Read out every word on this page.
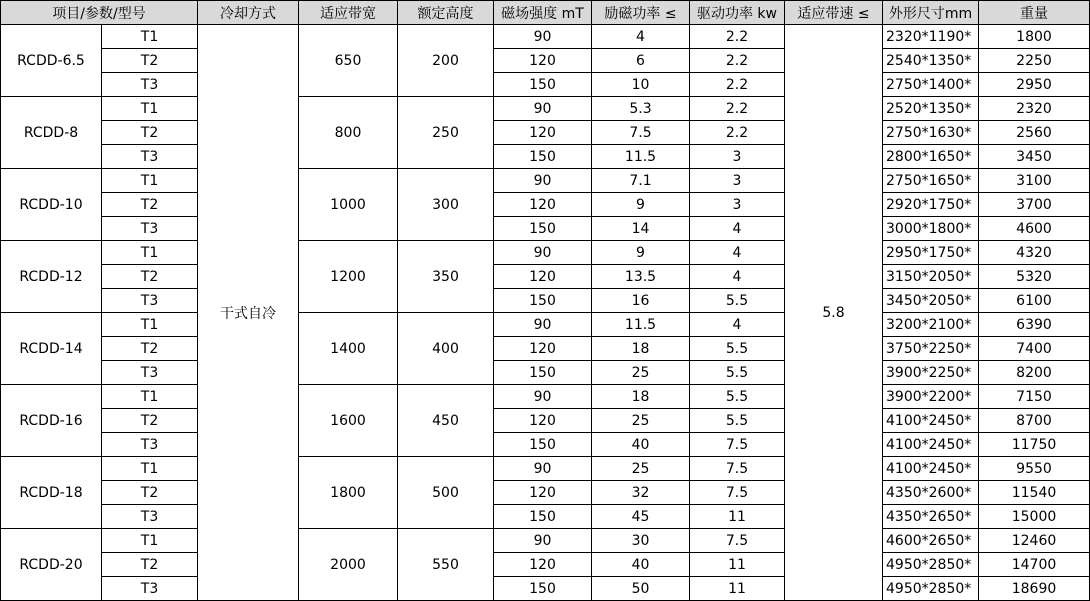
项目/参数/型号		冷却方式	适应带宽	额定高度	磁场强度 mT	励磁功率 ≤	驱动功率 kw	适应带速 ≤	外形尺寸mm	重量
RCDD-6.5	T1	干式自冷	650	200	90	4	2.2	5.8	2320*1190*	1800
	T2				120	6	2.2		2540*1350*	2250
	T3				150	10	2.2		2750*1400*	2950
RCDD-8	T1		800	250	90	5.3	2.2		2520*1350*	2320
	T2				120	7.5	2.2		2750*1630*	2560
	T3				150	11.5	3		2800*1650*	3450
RCDD-10	T1		1000	300	90	7.1	3		2750*1650*	3100
	T2				120	9	3		2920*1750*	3700
	T3				150	14	4		3000*1800*	4600
RCDD-12	T1		1200	350	90	9	4		2950*1750*	4320
	T2				120	13.5	4		3150*2050*	5320
	T3				150	16	5.5		3450*2050*	6100
RCDD-14	T1		1400	400	90	11.5	4		3200*2100*	6390
	T2				120	18	5.5		3750*2250*	7400
	T3				150	25	5.5		3900*2250*	8200
RCDD-16	T1		1600	450	90	18	5.5		3900*2200*	7150
	T2				120	25	5.5		4100*2450*	8700
	T3				150	40	7.5		4100*2450*	11750
RCDD-18	T1		1800	500	90	25	7.5		4100*2450*	9550
	T2				120	32	7.5		4350*2600*	11540
	T3				150	45	11		4350*2650*	15000
RCDD-20	T1		2000	550	90	30	7.5		4600*2650*	12460
	T2				120	40	11		4950*2850*	14700
	T3				150	50	11		4950*2850*	18690
